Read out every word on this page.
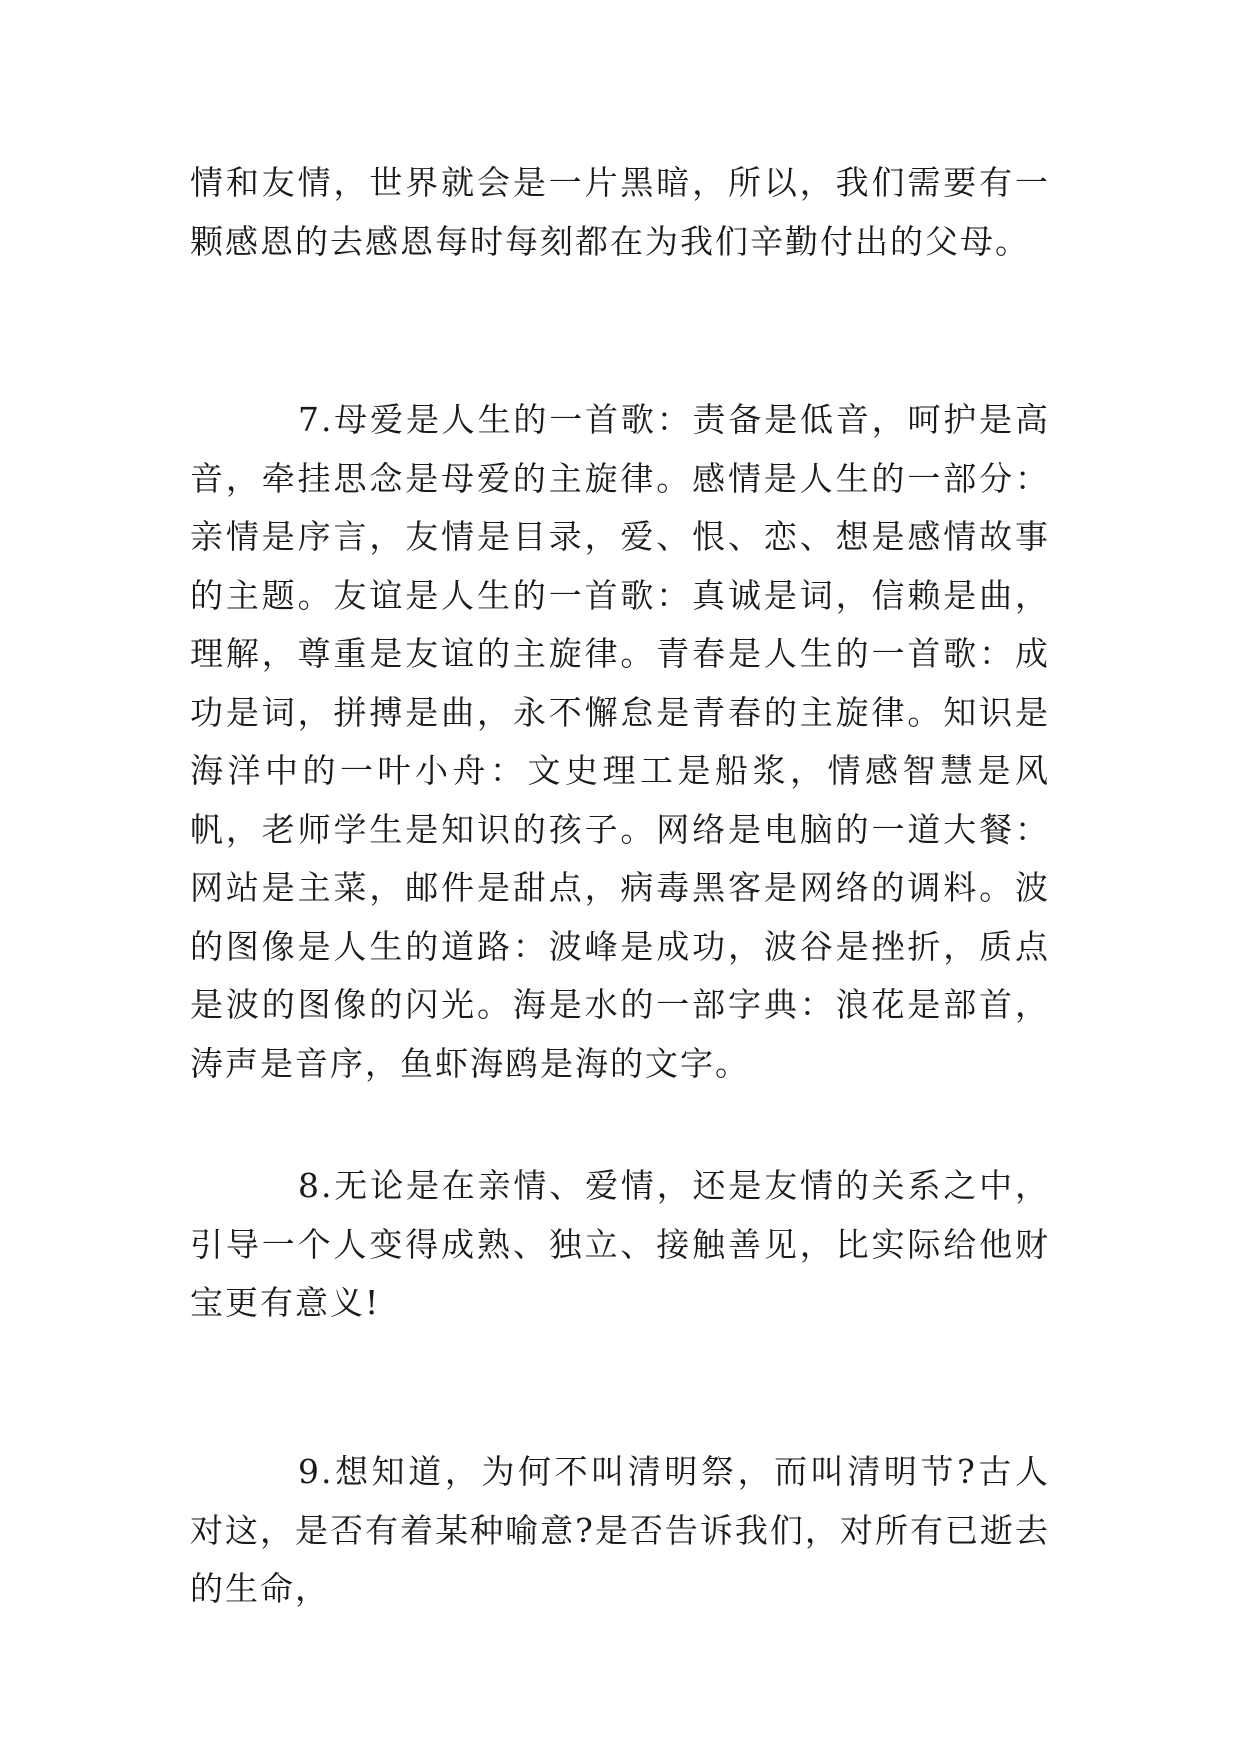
情和友情，世界就会是一片黑暗，所以，我们需要有一颗感恩的去感恩每时每刻都在为我们辛勤付出的父母。

7.母爱是人生的一首歌：责备是低音，呵护是高音，牵挂思念是母爱的主旋律。感情是人生的一部分：亲情是序言，友情是目录，爱、恨、恋、想是感情故事的主题。友谊是人生的一首歌：真诚是词，信赖是曲，理解，尊重是友谊的主旋律。青春是人生的一首歌：成功是词，拼搏是曲，永不懈怠是青春的主旋律。知识是海洋中的一叶小舟：文史理工是船浆，情感智慧是风帆，老师学生是知识的孩子。网络是电脑的一道大餐：网站是主菜，邮件是甜点，病毒黑客是网络的调料。波的图像是人生的道路：波峰是成功，波谷是挫折，质点是波的图像的闪光。海是水的一部字典：浪花是部首，涛声是音序，鱼虾海鸥是海的文字。

8.无论是在亲情、爱情，还是友情的关系之中，引导一个人变得成熟、独立、接触善见，比实际给他财宝更有意义!

9.想知道，为何不叫清明祭，而叫清明节?古人对这，是否有着某种喻意?是否告诉我们，对所有已逝去的生命，
